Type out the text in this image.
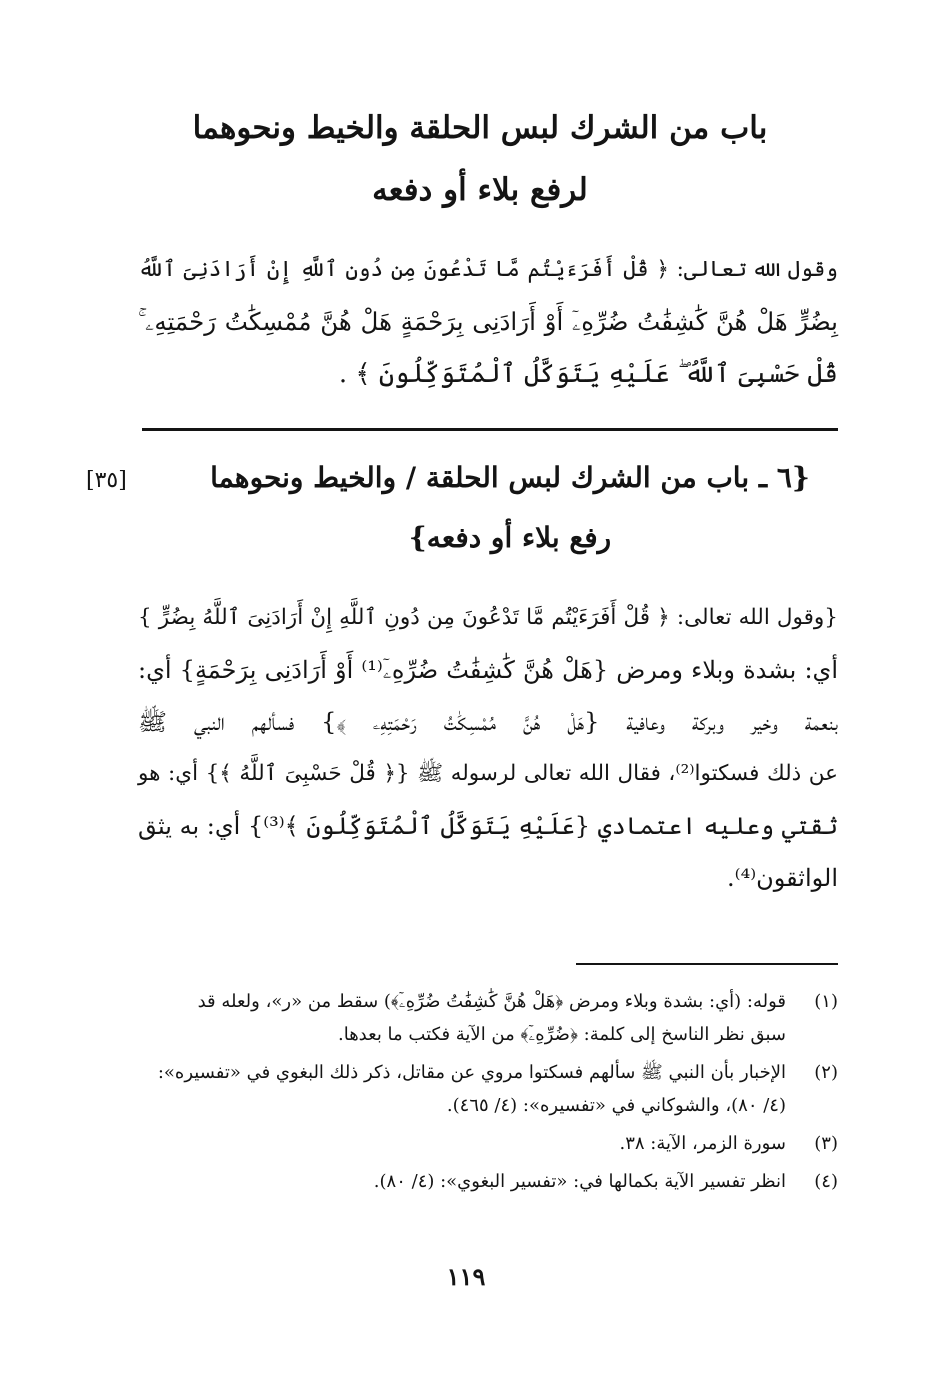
باب من الشرك لبس الحلقة والخيط ونحوهما
لرفع بلاء أو دفعه
وقول الله تعالى: ﴿ قُلْ أَفَرَءَيْتُم مَّا تَدْعُونَ مِن دُونِ ٱللَّهِ إِنْ أَرَادَنِىَ ٱللَّهُ
بِضُرٍّ هَلْ هُنَّ كَٰشِفَٰتُ ضُرِّهِۦٓ أَوْ أَرَادَنِى بِرَحْمَةٍ هَلْ هُنَّ مُمْسِكَٰتُ رَحْمَتِهِۦ ۚ
قُلْ حَسْبِىَ ٱللَّهُ ۖ عَلَيْهِ يَتَوَكَّلُ ٱلْمُتَوَكِّلُونَ ﴾ .
[٣٥]	{٦ ـ باب من الشرك لبس الحلقة / والخيط ونحوهما
رفع بلاء أو دفعه}
{وقول الله تعالى: ﴿ قُلْ أَفَرَءَيْتُم مَّا تَدْعُونَ مِن دُونِ ٱللَّهِ إِنْ أَرَادَنِىَ ٱللَّهُ بِضُرٍّ }
أي: بشدة وبلاء ومرض {هَلْ هُنَّ كَٰشِفَٰتُ ضُرِّهِۦٓ⁽¹⁾ أَوْ أَرَادَنِى بِرَحْمَةٍ} أي:
بنعمة وخير وبركة وعافية {هَلْ هُنَّ مُمْسِكَٰتُ رَحْمَتِهِۦ ﴾} فسألهم النبي ﷺ
عن ذلك فسكتوا⁽²⁾، فقال الله تعالى لرسوله ﷺ {﴿ قُلْ حَسْبِىَ ٱللَّهُ ﴾} أي: هو
ثقتي وعليه اعتمادي {عَلَيْهِ يَتَوَكَّلُ ٱلْمُتَوَكِّلُونَ ﴾⁽³⁾} أي: به يثق
الواثقون⁽⁴⁾.
(١)
قوله: (أي: بشدة وبلاء ومرض ﴿هَلْ هُنَّ كَٰشِفَٰتُ ضُرِّهِۦٓ﴾) سقط من «ر»، ولعله قد
سبق نظر الناسخ إلى كلمة: ﴿ضُرِّهِۦٓ﴾ من الآية فكتب ما بعدها.
(٢)
الإخبار بأن النبي ﷺ سألهم فسكتوا مروي عن مقاتل، ذكر ذلك البغوي في «تفسيره»:
(٤/ ٨٠)، والشوكاني في «تفسيره»: (٤/ ٤٦٥).
(٣)
سورة الزمر، الآية: ٣٨.
(٤)
انظر تفسير الآية بكمالها في: «تفسير البغوي»: (٤/ ٨٠).
١١٩
